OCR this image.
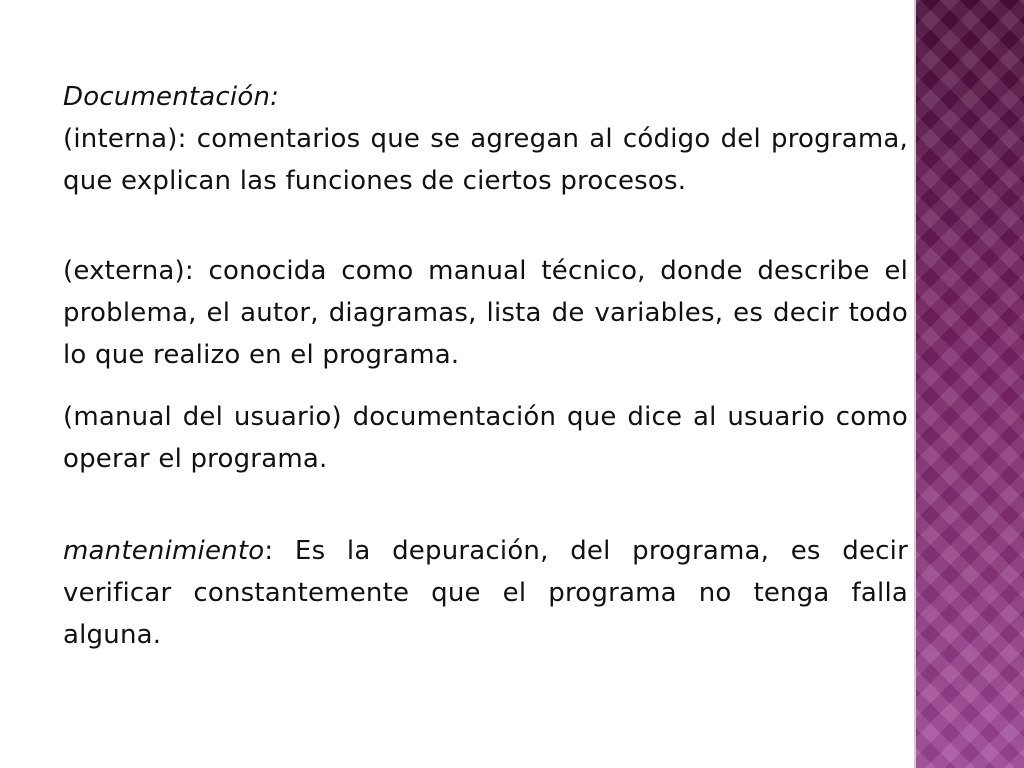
Documentación:

(interna): comentarios que se agregan al código del programa, que explican las funciones de ciertos procesos.

(externa): conocida como manual técnico, donde describe el problema, el autor, diagramas, lista de variables, es decir todo lo que realizo en el programa.

(manual del usuario) documentación que dice al usuario como operar el programa.

mantenimiento: Es la depuración, del programa, es decir verificar constantemente que el programa no tenga falla alguna.
